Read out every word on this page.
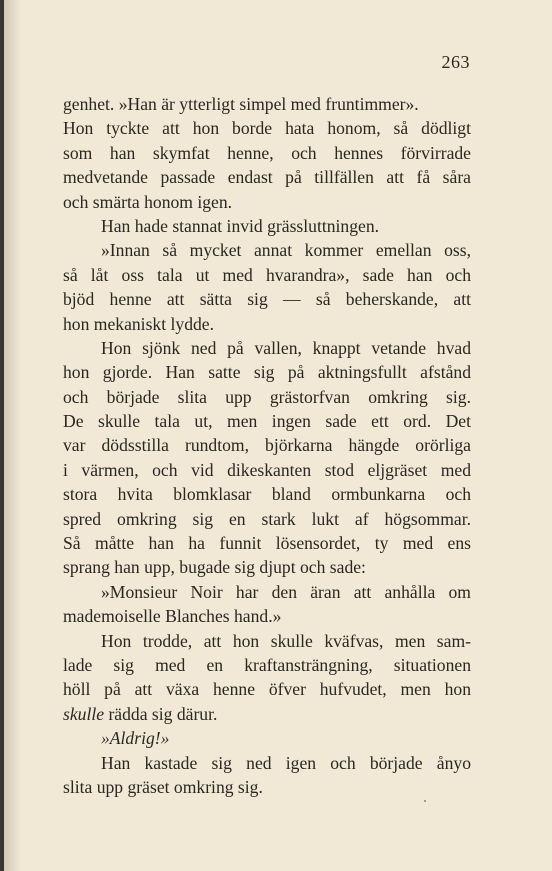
263
genhet. »Han är ytterligt simpel med fruntimmer».
Hon tyckte att hon borde hata honom, så dödligt
som han skymfat henne, och hennes förvirrade
medvetande passade endast på tillfällen att få såra
och smärta honom igen.
Han hade stannat invid grässluttningen.
»Innan så mycket annat kommer emellan oss,
så låt oss tala ut med hvarandra», sade han och
bjöd henne att sätta sig — så beherskande, att
hon mekaniskt lydde.
Hon sjönk ned på vallen, knappt vetande hvad
hon gjorde. Han satte sig på aktningsfullt afstånd
och började slita upp grästorfvan omkring sig.
De skulle tala ut, men ingen sade ett ord. Det
var dödsstilla rundtom, björkarna hängde orörliga
i värmen, och vid dikeskanten stod eljgräset med
stora hvita blomklasar bland ormbunkarna och
spred omkring sig en stark lukt af högsommar.
Så måtte han ha funnit lösensordet, ty med ens
sprang han upp, bugade sig djupt och sade:
»Monsieur Noir har den äran att anhålla om
mademoiselle Blanches hand.»
Hon trodde, att hon skulle kväfvas, men sam-
lade sig med en kraftansträngning, situationen
höll på att växa henne öfver hufvudet, men hon
skulle rädda sig därur.
»Aldrig!»
Han kastade sig ned igen och började ånyo
slita upp gräset omkring sig.
